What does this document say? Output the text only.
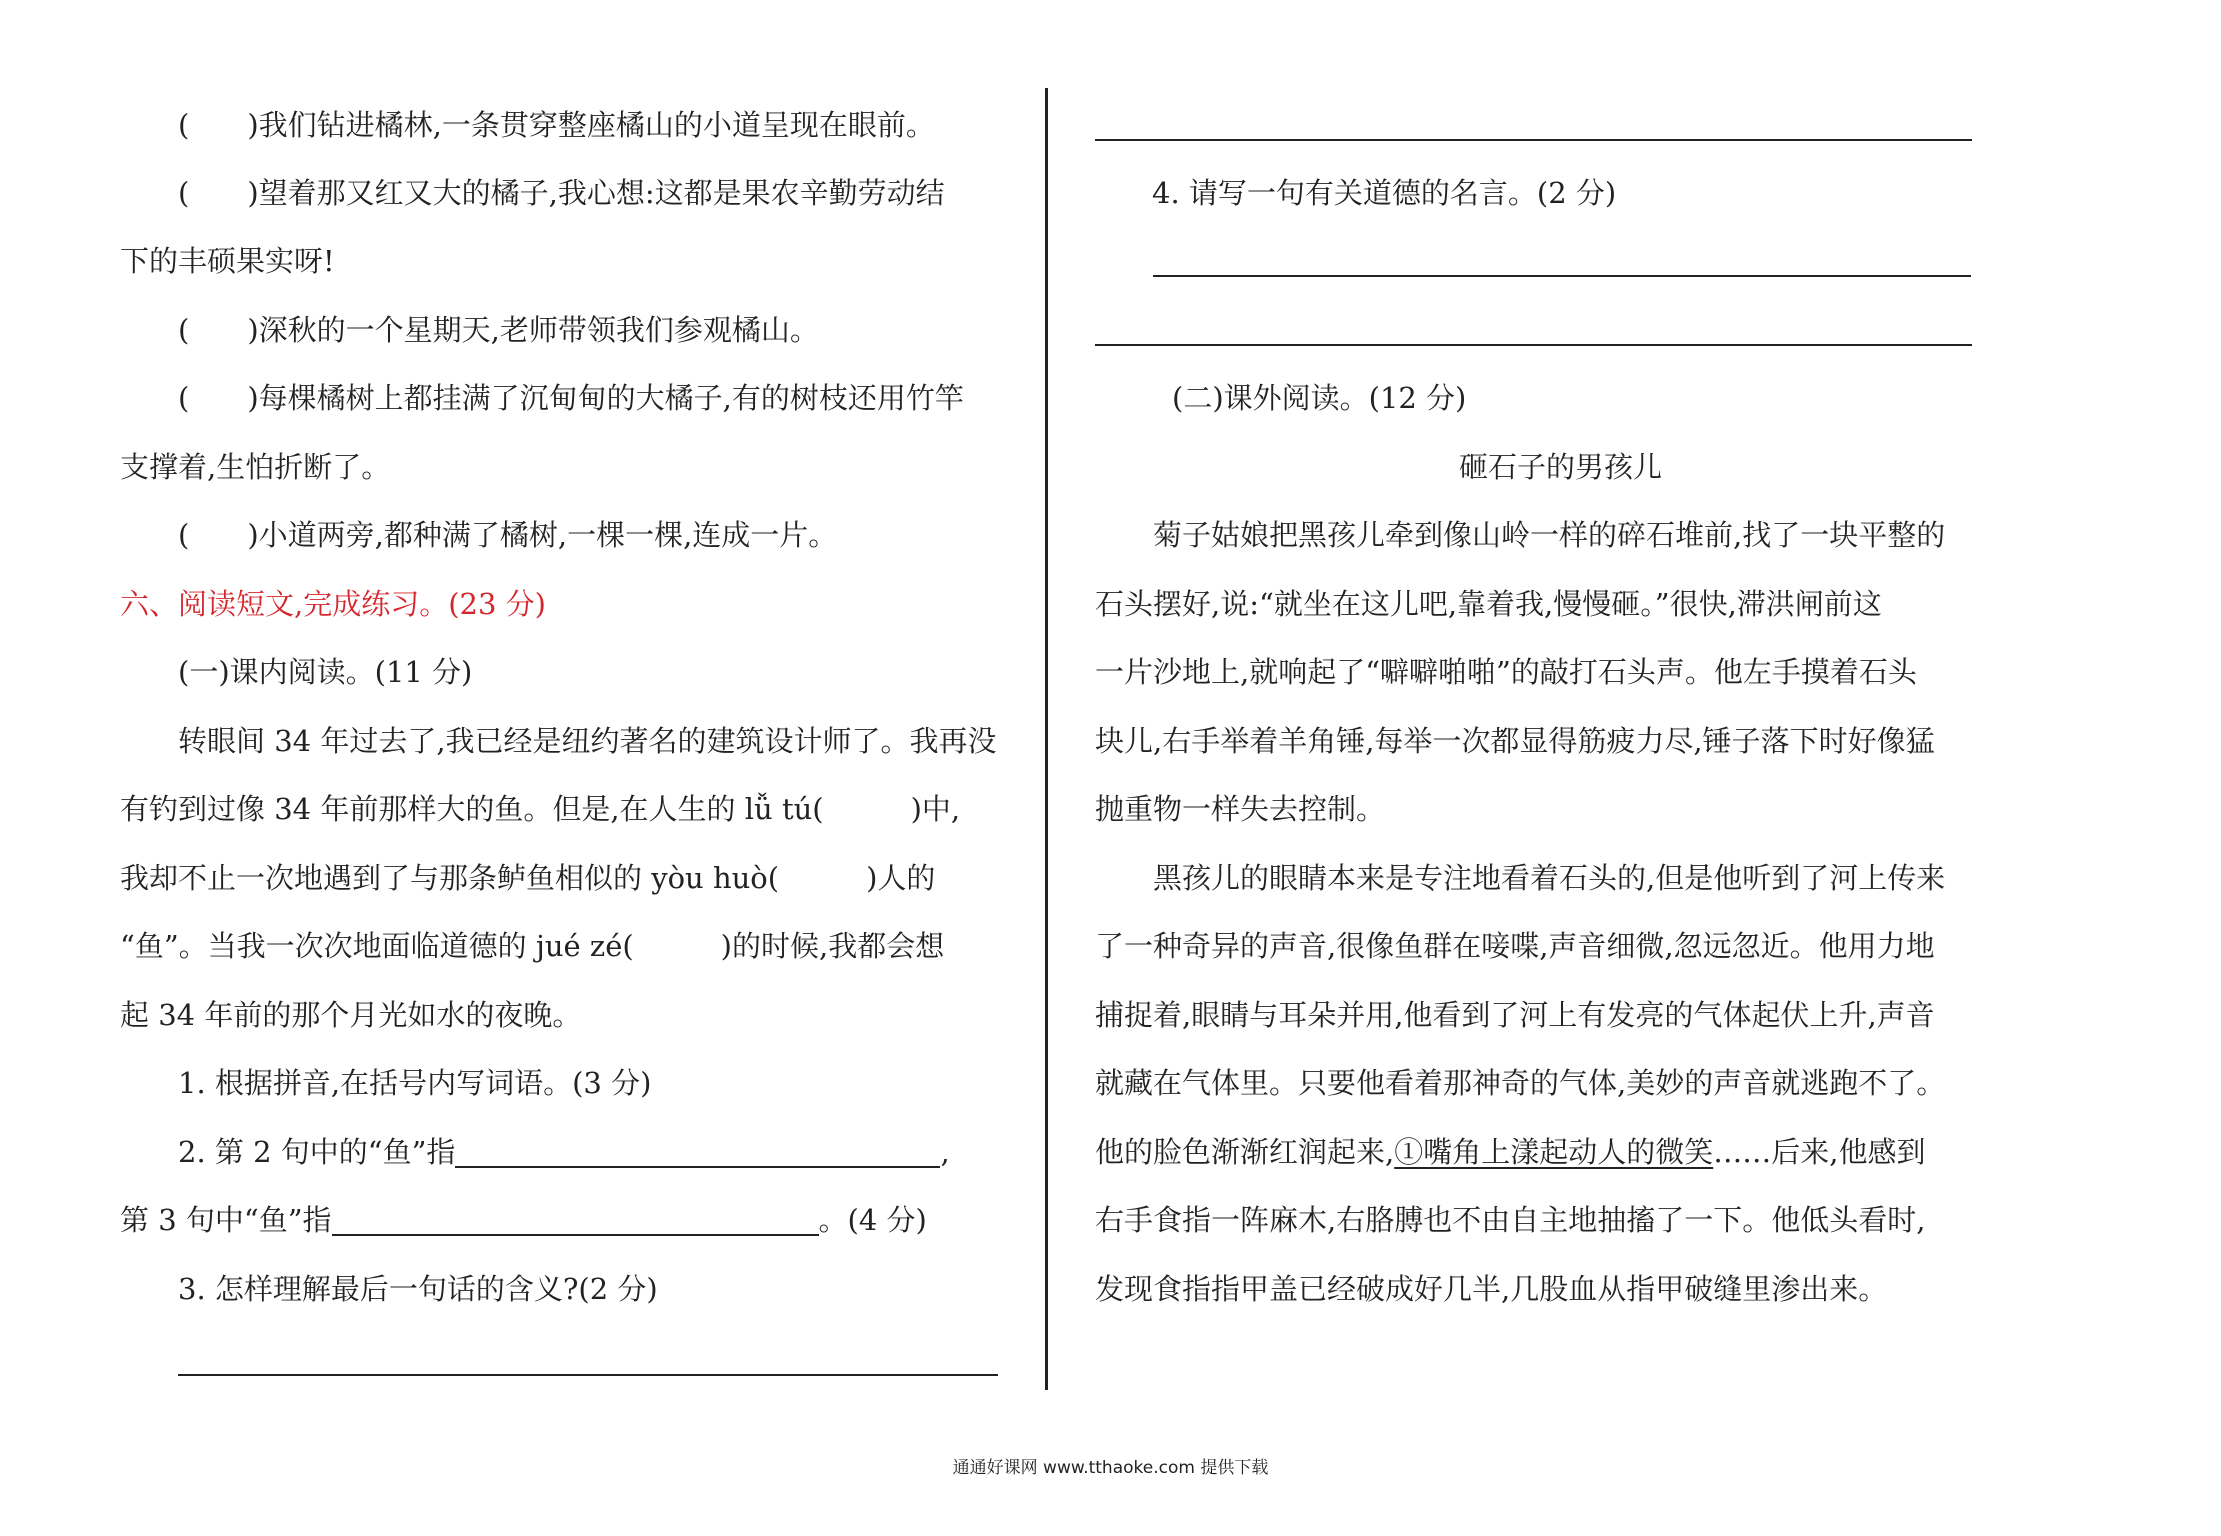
(　　)我们钻进橘林,一条贯穿整座橘山的小道呈现在眼前。
(　　)望着那又红又大的橘子,我心想:这都是果农辛勤劳动结
下的丰硕果实呀!
(　　)深秋的一个星期天,老师带领我们参观橘山。
(　　)每棵橘树上都挂满了沉甸甸的大橘子,有的树枝还用竹竿
支撑着,生怕折断了。
(　　)小道两旁,都种满了橘树,一棵一棵,连成一片。
六、阅读短文,完成练习。(23 分)
(一)课内阅读。(11 分)
转眼间 34 年过去了,我已经是纽约著名的建筑设计师了。我再没
有钓到过像 34 年前那样大的鱼。但是,在人生的 lǚ tú(　　　)中,
我却不止一次地遇到了与那条鲈鱼相似的 yòu huò(　　　)人的
“鱼”。当我一次次地面临道德的 jué zé(　　　)的时候,我都会想
起 34 年前的那个月光如水的夜晚。
1. 根据拼音,在括号内写词语。(3 分)
2. 第 2 句中的“鱼”指	,
第 3 句中“鱼”指	。(4 分)
3. 怎样理解最后一句话的含义?(2 分)
4. 请写一句有关道德的名言。(2 分)
(二)课外阅读。(12 分)
砸石子的男孩儿
菊子姑娘把黑孩儿牵到像山岭一样的碎石堆前,找了一块平整的
石头摆好,说:“就坐在这儿吧,靠着我,慢慢砸。”很快,滞洪闸前这
一片沙地上,就响起了“噼噼啪啪”的敲打石头声。他左手摸着石头
块儿,右手举着羊角锤,每举一次都显得筋疲力尽,锤子落下时好像猛
抛重物一样失去控制。
黑孩儿的眼睛本来是专注地看着石头的,但是他听到了河上传来
了一种奇异的声音,很像鱼群在唼喋,声音细微,忽远忽近。他用力地
捕捉着,眼睛与耳朵并用,他看到了河上有发亮的气体起伏上升,声音
就藏在气体里。只要他看着那神奇的气体,美妙的声音就逃跑不了。
他的脸色渐渐红润起来,①嘴角上漾起动人的微笑……后来,他感到
右手食指一阵麻木,右胳膊也不由自主地抽搐了一下。他低头看时,
发现食指指甲盖已经破成好几半,几股血从指甲破缝里渗出来。
通通好课网 www.tthaoke.com 提供下载
